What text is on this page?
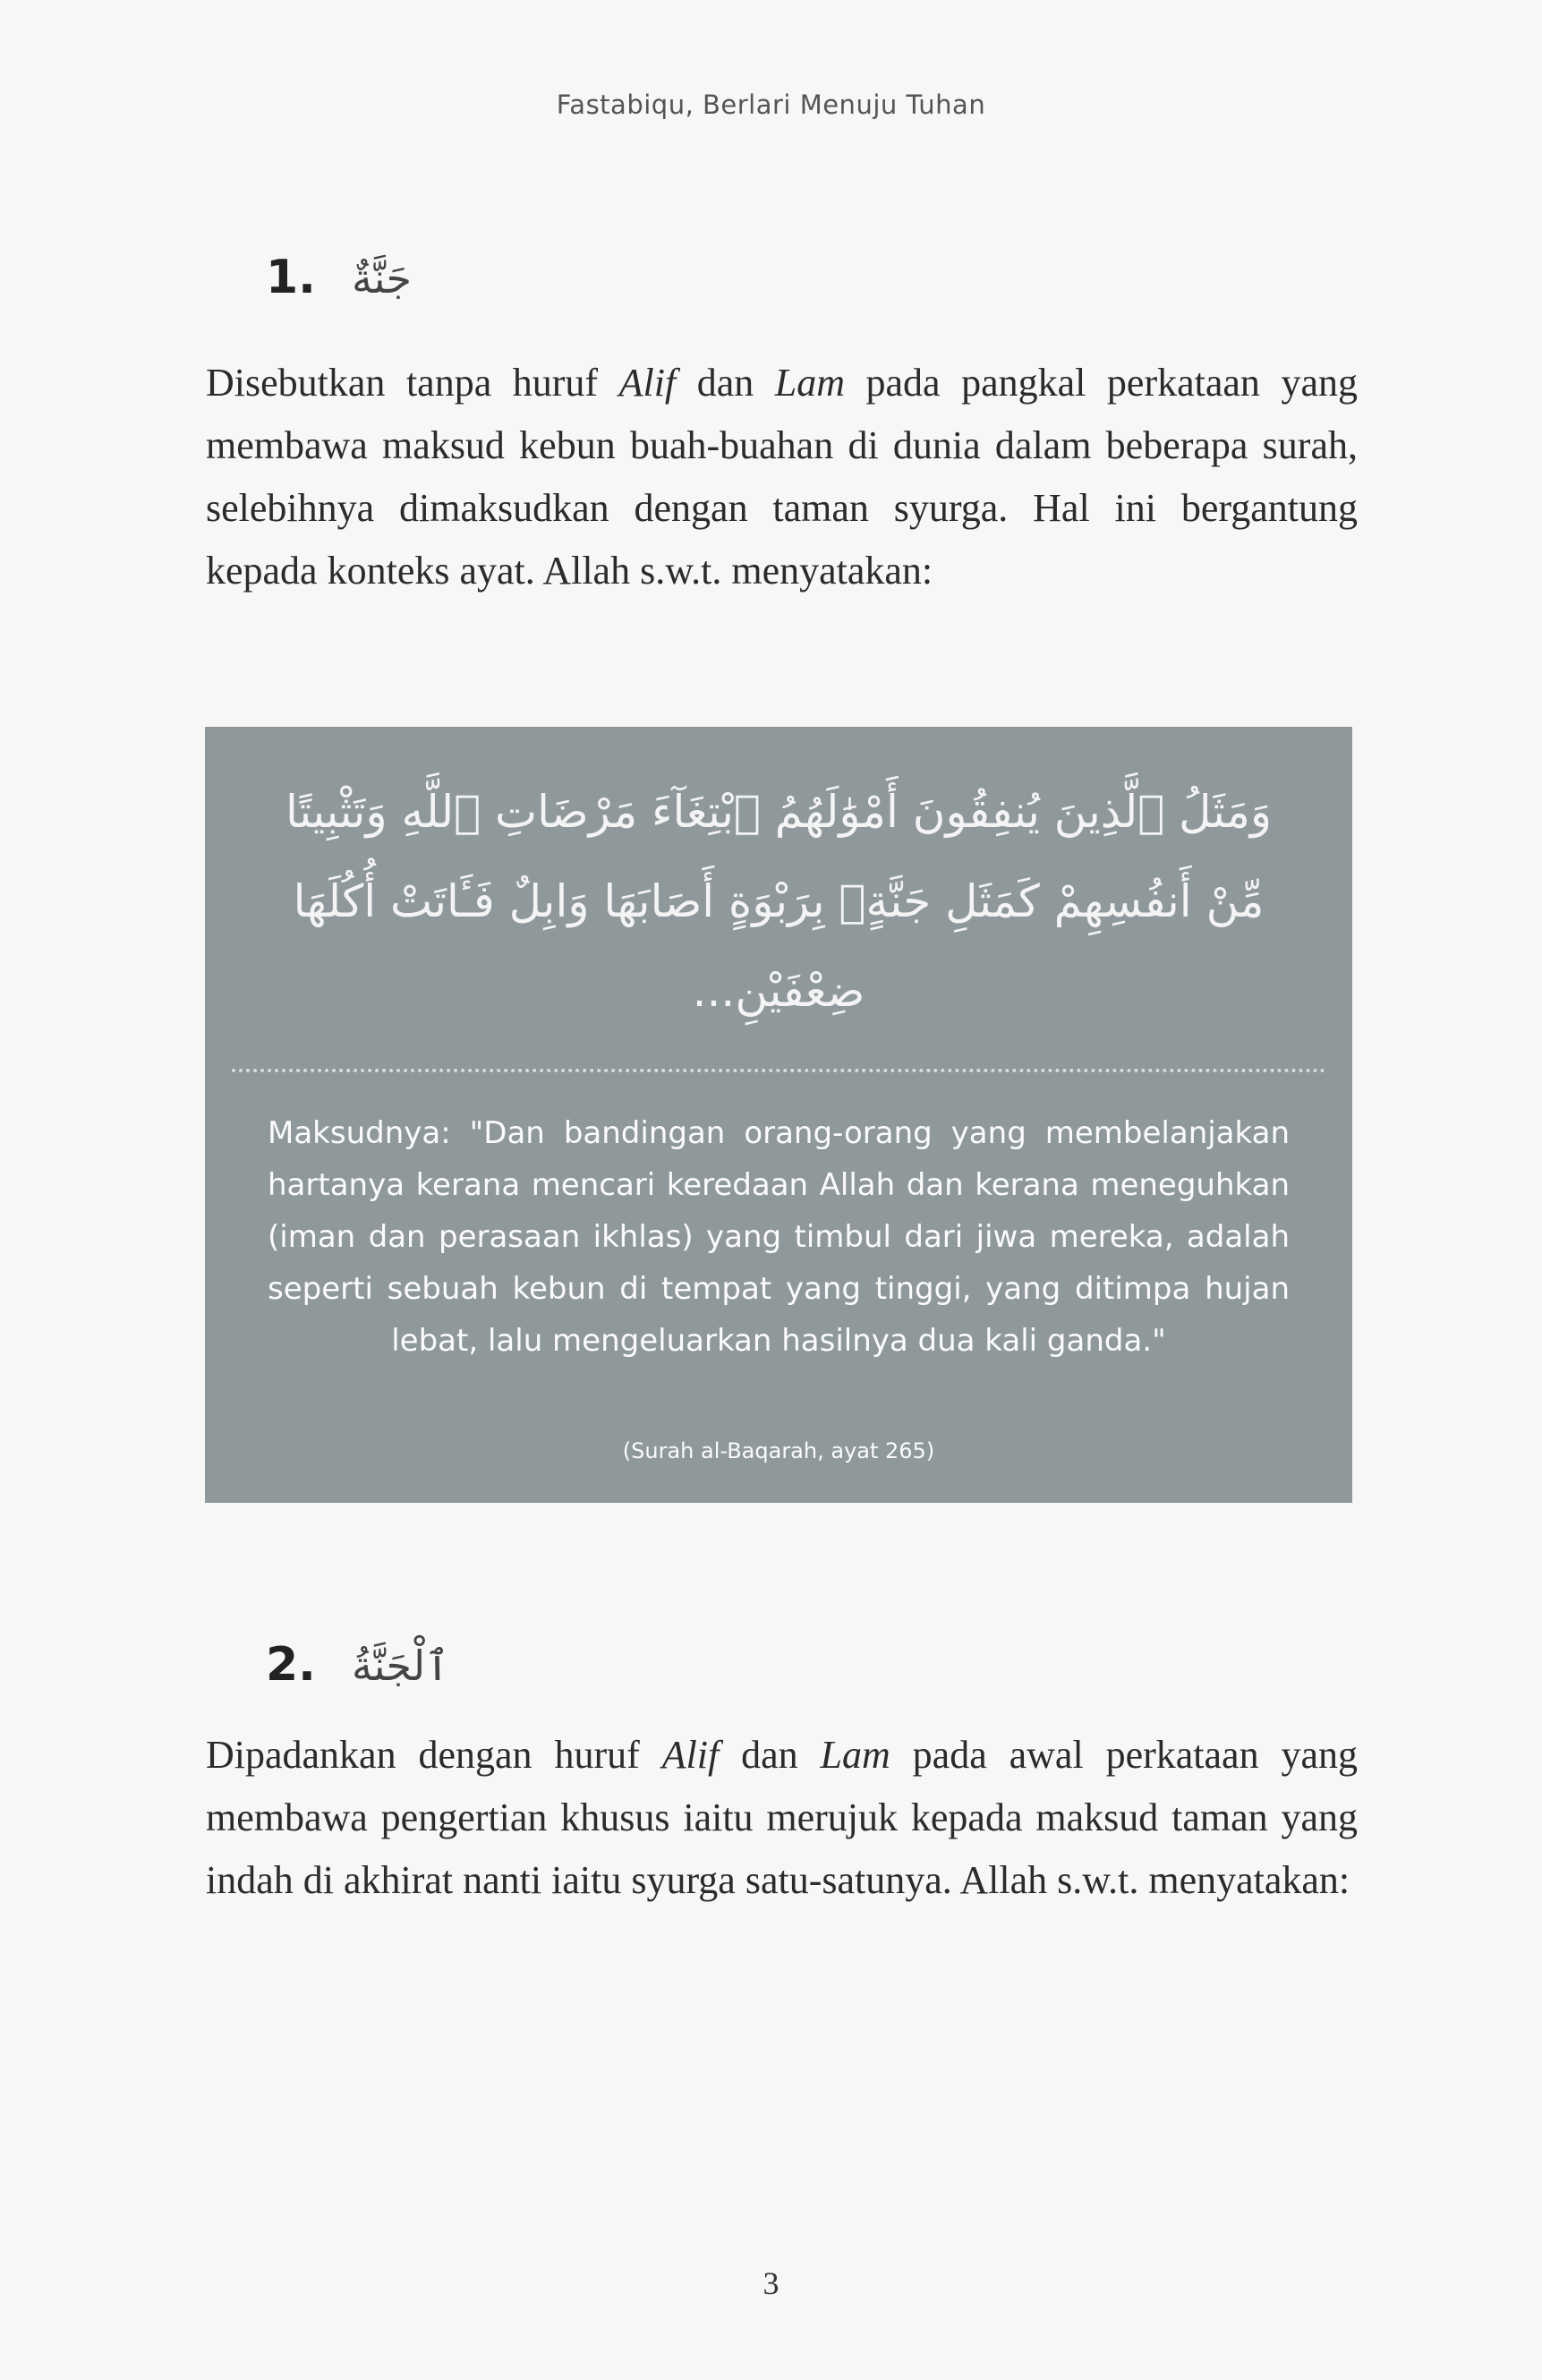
Fastabiqu, Berlari Menuju Tuhan
1. جَنَّةٌ
Disebutkan tanpa huruf Alif dan Lam pada pangkal perkataan yang membawa maksud kebun buah-buahan di dunia dalam beberapa surah, selebihnya dimaksudkan dengan taman syurga. Hal ini bergantung kepada konteks ayat. Allah s.w.t. menyatakan:
وَمَثَلُ ٱلَّذِينَ يُنفِقُونَ أَمْوَٰلَهُمُ ٱبْتِغَآءَ مَرْضَاتِ ٱللَّهِ وَتَثْبِيتًا مِّنْ أَنفُسِهِمْ كَمَثَلِ جَنَّةٍۭ بِرَبْوَةٍ أَصَابَهَا وَابِلٌ فَـَٔاتَتْ أُكُلَهَا ضِعْفَيْنِ...
Maksudnya: "Dan bandingan orang-orang yang membelanjakan hartanya kerana mencari keredaan Allah dan kerana meneguhkan (iman dan perasaan ikhlas) yang timbul dari jiwa mereka, adalah seperti sebuah kebun di tempat yang tinggi, yang ditimpa hujan lebat, lalu mengeluarkan hasilnya dua kali ganda."
(Surah al-Baqarah, ayat 265)
2. ٱلْجَنَّةُ
Dipadankan dengan huruf Alif dan Lam pada awal perkataan yang membawa pengertian khusus iaitu merujuk kepada maksud taman yang indah di akhirat nanti iaitu syurga satu-satunya. Allah s.w.t. menyatakan:
3
